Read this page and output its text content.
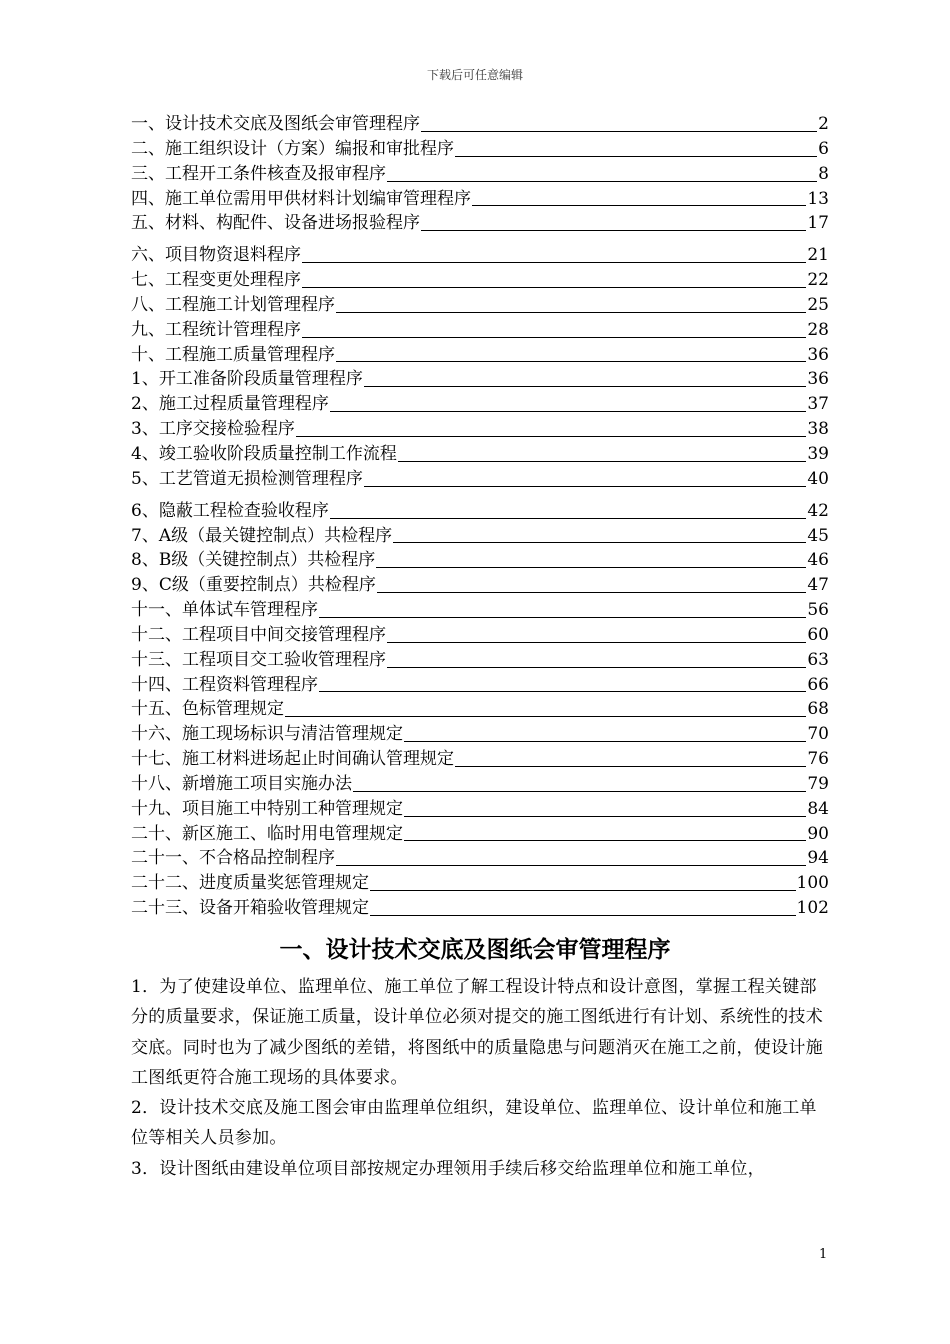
下载后可任意编辑
一、设计技术交底及图纸会审管理程序	2
二、施工组织设计（方案）编报和审批程序	6
三、工程开工条件核查及报审程序	8
四、施工单位需用甲供材料计划编审管理程序	13
五、材料、构配件、设备进场报验程序	17
六、项目物资退料程序	21
七、工程变更处理程序	22
八、工程施工计划管理程序	25
九、工程统计管理程序	28
十、工程施工质量管理程序	36
1、开工准备阶段质量管理程序	36
2、施工过程质量管理程序	37
3、工序交接检验程序	38
4、竣工验收阶段质量控制工作流程	39
5、工艺管道无损检测管理程序	40
6、隐蔽工程检查验收程序	42
7、A级（最关键控制点）共检程序	45
8、B级（关键控制点）共检程序	46
9、C级（重要控制点）共检程序	47
十一、单体试车管理程序	56
十二、工程项目中间交接管理程序	60
十三、工程项目交工验收管理程序	63
十四、工程资料管理程序	66
十五、色标管理规定	68
十六、施工现场标识与清洁管理规定	70
十七、施工材料进场起止时间确认管理规定	76
十八、新增施工项目实施办法	79
十九、项目施工中特别工种管理规定	84
二十、新区施工、临时用电管理规定	90
二十一、不合格品控制程序	94
二十二、进度质量奖惩管理规定	100
二十三、设备开箱验收管理规定	102
一、设计技术交底及图纸会审管理程序

1．为了使建设单位、监理单位、施工单位了解工程设计特点和设计意图，掌握工程关键部分的质量要求，保证施工质量，设计单位必须对提交的施工图纸进行有计划、系统性的技术交底。同时也为了减少图纸的差错，将图纸中的质量隐患与问题消灭在施工之前，使设计施工图纸更符合施工现场的具体要求。

2．设计技术交底及施工图会审由监理单位组织，建设单位、监理单位、设计单位和施工单位等相关人员参加。

3．设计图纸由建设单位项目部按规定办理领用手续后移交给监理单位和施工单位，

1
